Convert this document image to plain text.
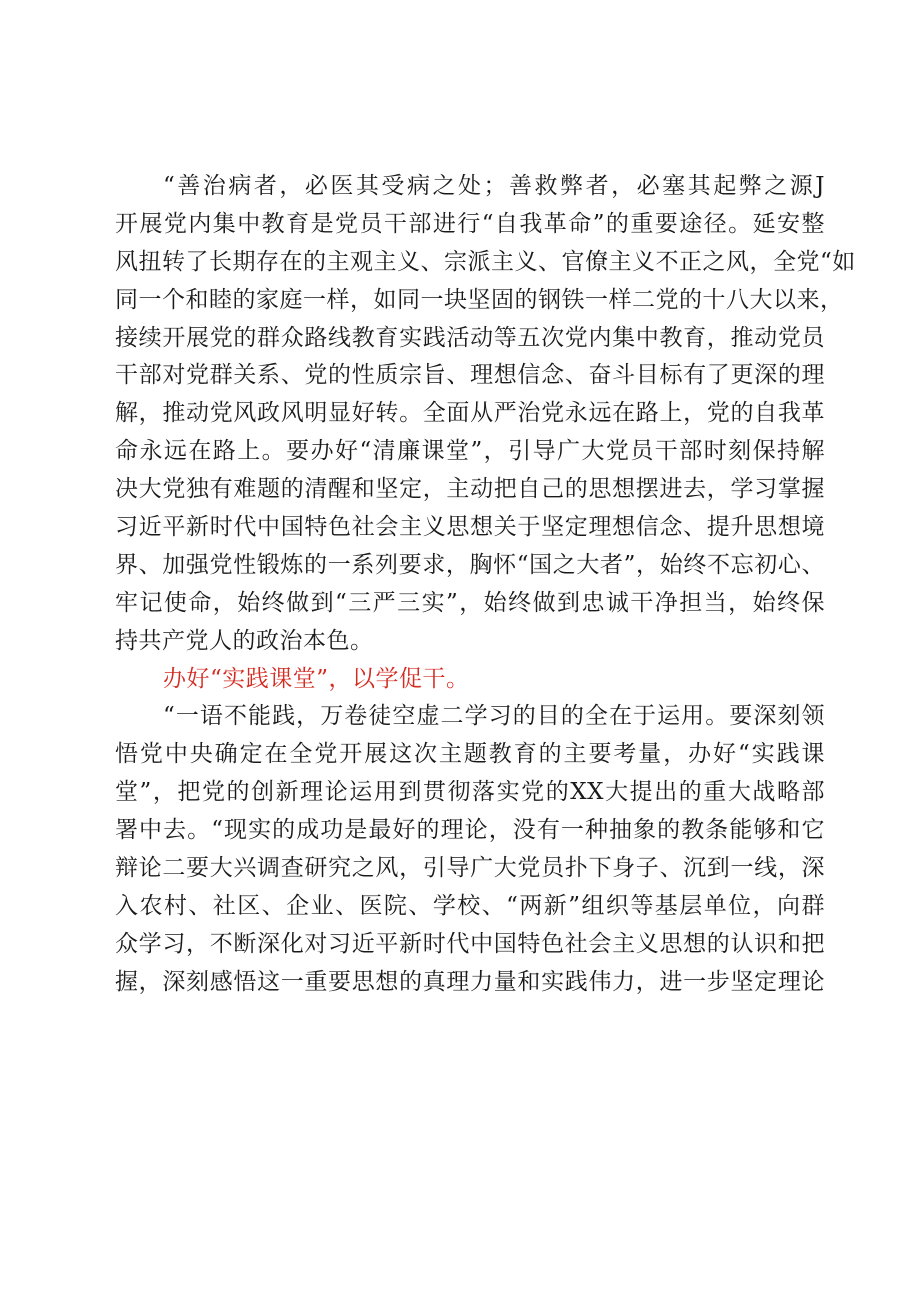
“善治病者，必医其受病之处；善救弊者，必塞其起弊之源J
开展党内集中教育是党员干部进行“自我革命”的重要途径。延安整
风扭转了长期存在的主观主义、宗派主义、官僚主义不正之风，全党“如
同一个和睦的家庭一样，如同一块坚固的钢铁一样二党的十八大以来，
接续开展党的群众路线教育实践活动等五次党内集中教育，推动党员
干部对党群关系、党的性质宗旨、理想信念、奋斗目标有了更深的理
解，推动党风政风明显好转。全面从严治党永远在路上，党的自我革
命永远在路上。要办好“清廉课堂”，引导广大党员干部时刻保持解
决大党独有难题的清醒和坚定，主动把自己的思想摆进去，学习掌握
习近平新时代中国特色社会主义思想关于坚定理想信念、提升思想境
界、加强党性锻炼的一系列要求，胸怀“国之大者”，始终不忘初心、
牢记使命，始终做到“三严三实”，始终做到忠诚干净担当，始终保
持共产党人的政治本色。
办好“实践课堂”，以学促干。
“一语不能践，万卷徒空虚二学习的目的全在于运用。要深刻领
悟党中央确定在全党开展这次主题教育的主要考量，办好“实践课
堂”，把党的创新理论运用到贯彻落实党的XX大提出的重大战略部
署中去。“现实的成功是最好的理论，没有一种抽象的教条能够和它
辩论二要大兴调查研究之风，引导广大党员扑下身子、沉到一线，深
入农村、社区、企业、医院、学校、“两新”组织等基层单位，向群
众学习，不断深化对习近平新时代中国特色社会主义思想的认识和把
握，深刻感悟这一重要思想的真理力量和实践伟力，进一步坚定理论
